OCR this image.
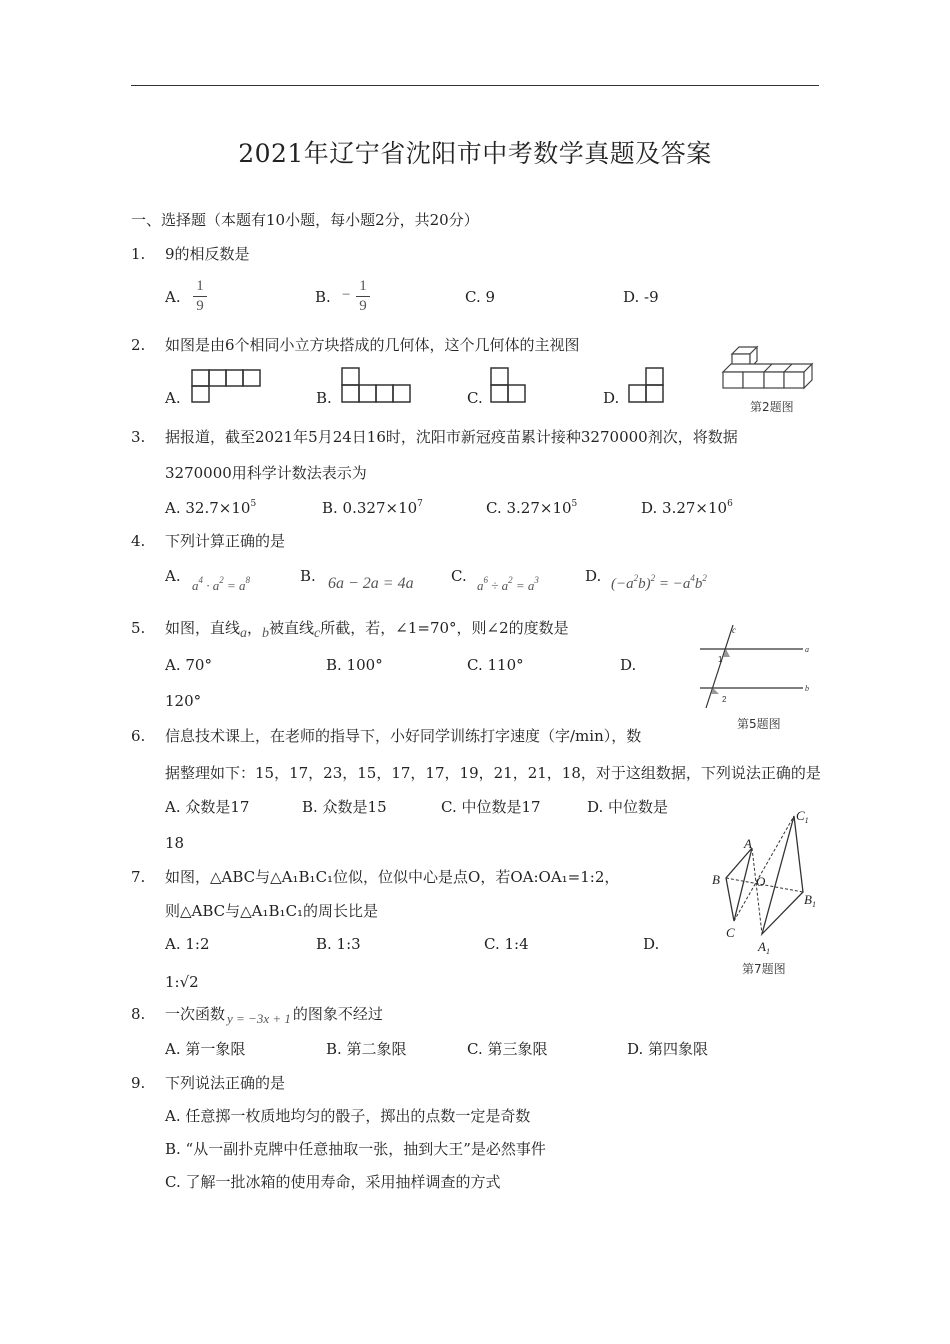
2021年辽宁省沈阳市中考数学真题及答案
一、选择题（本题有10小题，每小题2分，共20分）
1. 9的相反数是
A.
1
9	B. −
1
9	C. 9	D. -9
2. 如图是由6个相同小立方块搭成的几何体，这个几何体的主视图
A.	B.	C.	D.	第2题图
3. 据报道，截至2021年5月24日16时，沈阳市新冠疫苗累计接种3270000剂次，将数据
3270000用科学计数法表示为
A. $32.7\times 10^5$	B. $0.327\times 10^7$	C. $3.27\times 10^5$	D. $3.27\times 10^6$
4. 下列计算正确的是
A.
$a^4 \cdot a^2 = a^8$	B. 6a − 2a = 4a C.
$a^6 \div a^2 = a^3$	D. $(-a^2b)^2 = -a^4b^2$
5. 如图，直线a，b被直线c所截，若，∠1=70°，则∠2的度数是
A. 70°	B. 100°	C. 110°	D.
120°
c
a
b
1
2
第5题图
6. 信息技术课上，在老师的指导下，小好同学训练打字速度（字/min），数
据整理如下：15，17，23，15，17，17，19，21，21，18，对于这组数据，下列说法正确的是
A. 众数是17	B. 众数是15	C. 中位数是17	D. 中位数是
18
7. 如图，△ABC与△A₁B₁C₁位似，位似中心是点O，若OA:OA₁=1:2，
则△ABC与△A₁B₁C₁的周长比是
A. 1:2	B. 1:3	C. 1:4	D.
1:√2
A
B
C
O
$C_1$
$B_1$
$A_1$
第7题图
8. 一次函数 y = −3x + 1 的图象不经过
A. 第一象限	B. 第二象限	C. 第三象限	D. 第四象限
9. 下列说法正确的是
A. 任意掷一枚质地均匀的骰子，掷出的点数一定是奇数
B. “从一副扑克牌中任意抽取一张，抽到大王”是必然事件
C. 了解一批冰箱的使用寿命，采用抽样调查的方式
